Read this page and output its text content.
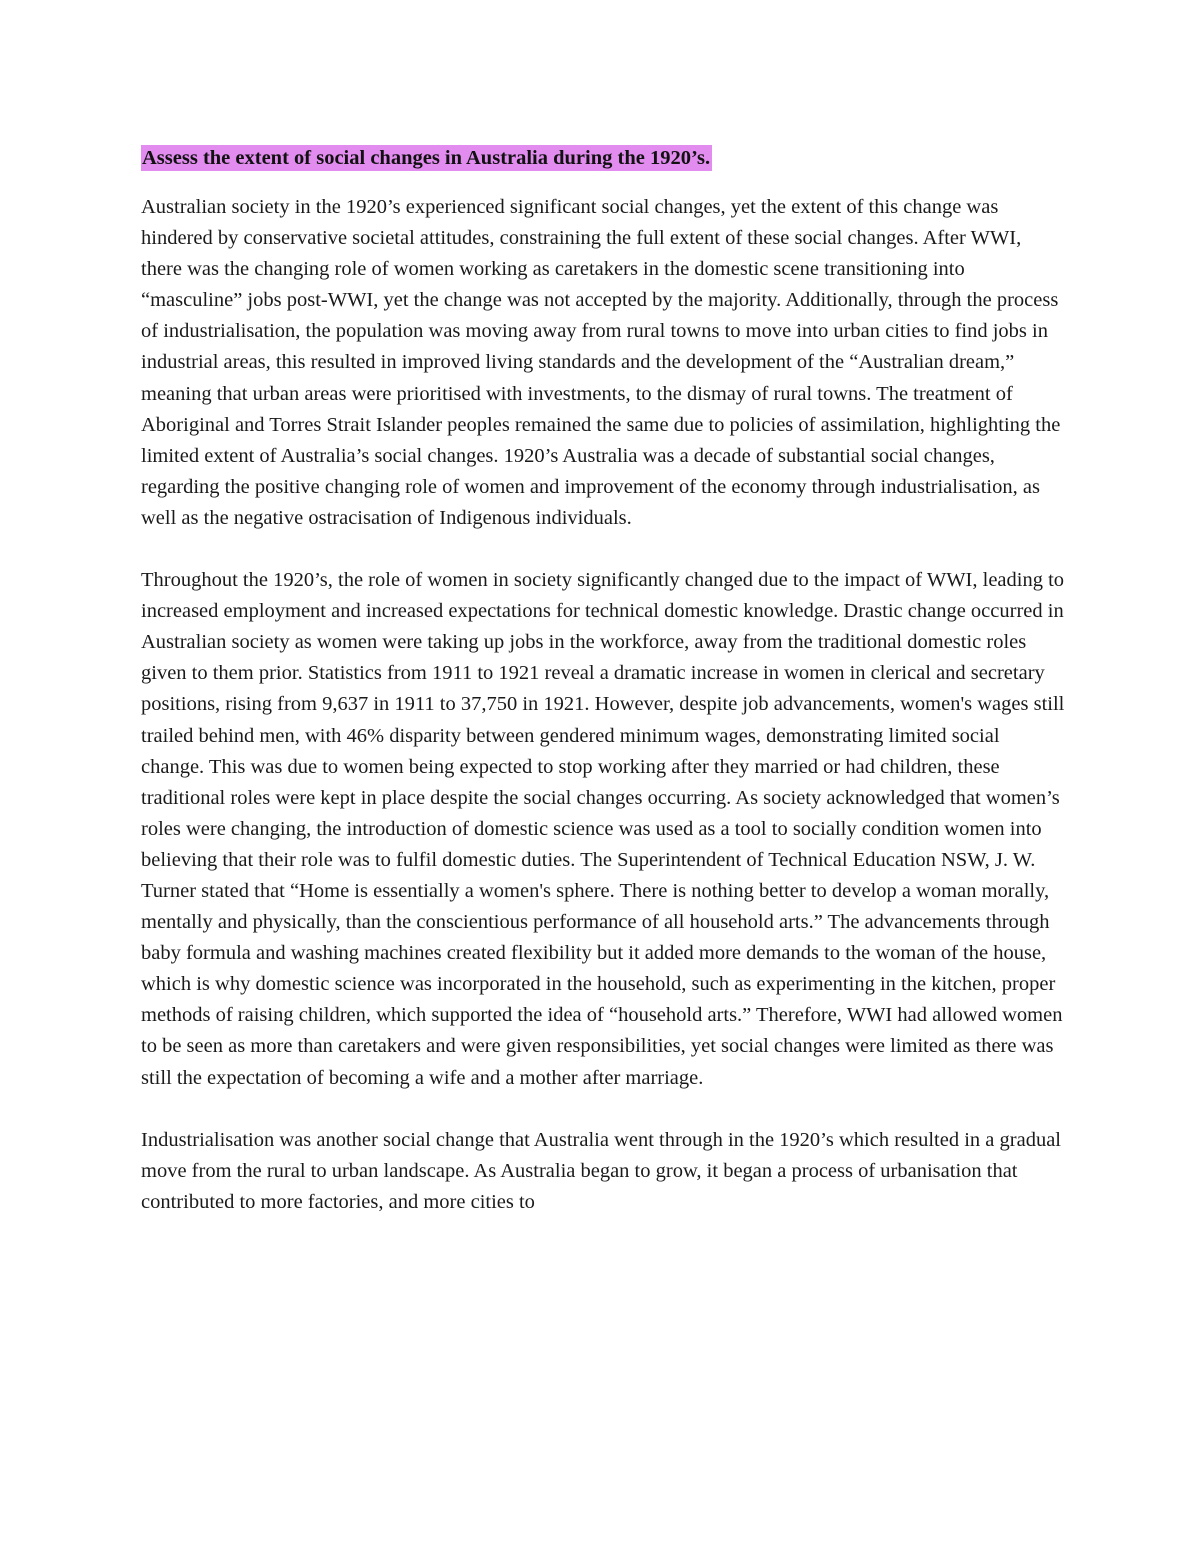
Assess the extent of social changes in Australia during the 1920’s.

Australian society in the 1920’s experienced significant social changes, yet the extent of this change was hindered by conservative societal attitudes, constraining the full extent of these social changes. After WWI, there was the changing role of women working as caretakers in the domestic scene transitioning into “masculine” jobs post-WWI, yet the change was not accepted by the majority. Additionally, through the process of industrialisation, the population was moving away from rural towns to move into urban cities to find jobs in industrial areas, this resulted in improved living standards and the development of the “Australian dream,” meaning that urban areas were prioritised with investments, to the dismay of rural towns. The treatment of Aboriginal and Torres Strait Islander peoples remained the same due to policies of assimilation, highlighting the limited extent of Australia’s social changes. 1920’s Australia was a decade of substantial social changes, regarding the positive changing role of women and improvement of the economy through industrialisation, as well as the negative ostracisation of Indigenous individuals.

Throughout the 1920’s, the role of women in society significantly changed due to the impact of WWI, leading to increased employment and increased expectations for technical domestic knowledge. Drastic change occurred in Australian society as women were taking up jobs in the workforce, away from the traditional domestic roles given to them prior. Statistics from 1911 to 1921 reveal a dramatic increase in women in clerical and secretary positions, rising from 9,637 in 1911 to 37,750 in 1921. However, despite job advancements, women's wages still trailed behind men, with 46% disparity between gendered minimum wages, demonstrating limited social change. This was due to women being expected to stop working after they married or had children, these traditional roles were kept in place despite the social changes occurring. As society acknowledged that women’s roles were changing, the introduction of domestic science was used as a tool to socially condition women into believing that their role was to fulfil domestic duties. The Superintendent of Technical Education NSW, J. W. Turner stated that “Home is essentially a women's sphere. There is nothing better to develop a woman morally, mentally and physically, than the conscientious performance of all household arts.” The advancements through baby formula and washing machines created flexibility but it added more demands to the woman of the house, which is why domestic science was incorporated in the household, such as experimenting in the kitchen, proper methods of raising children, which supported the idea of “household arts.” Therefore, WWI had allowed women to be seen as more than caretakers and were given responsibilities, yet social changes were limited as there was still the expectation of becoming a wife and a mother after marriage.

Industrialisation was another social change that Australia went through in the 1920’s which resulted in a gradual move from the rural to urban landscape. As Australia began to grow, it began a process of urbanisation that contributed to more factories, and more cities to
